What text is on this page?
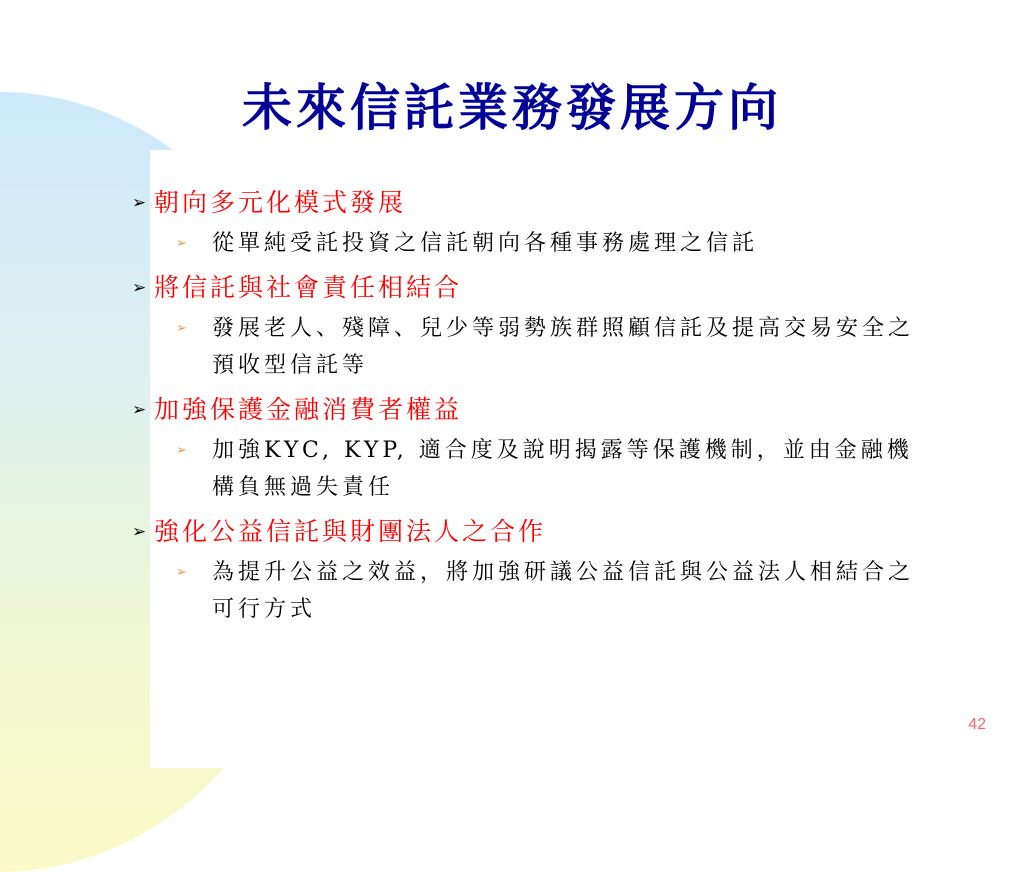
未來信託業務發展方向
➢ 朝向多元化模式發展
➢	從單純受託投資之信託朝向各種事務處理之信託
➢ 將信託與社會責任相結合
➢	發展老人、殘障、兒少等弱勢族群照顧信託及提高交易安全之預收型信託等
➢ 加強保護金融消費者權益
➢	加強KYC, KYP, 適合度及說明揭露等保護機制，並由金融機構負無過失責任
➢ 強化公益信託與財團法人之合作
➢	為提升公益之效益，將加強研議公益信託與公益法人相結合之可行方式
42
